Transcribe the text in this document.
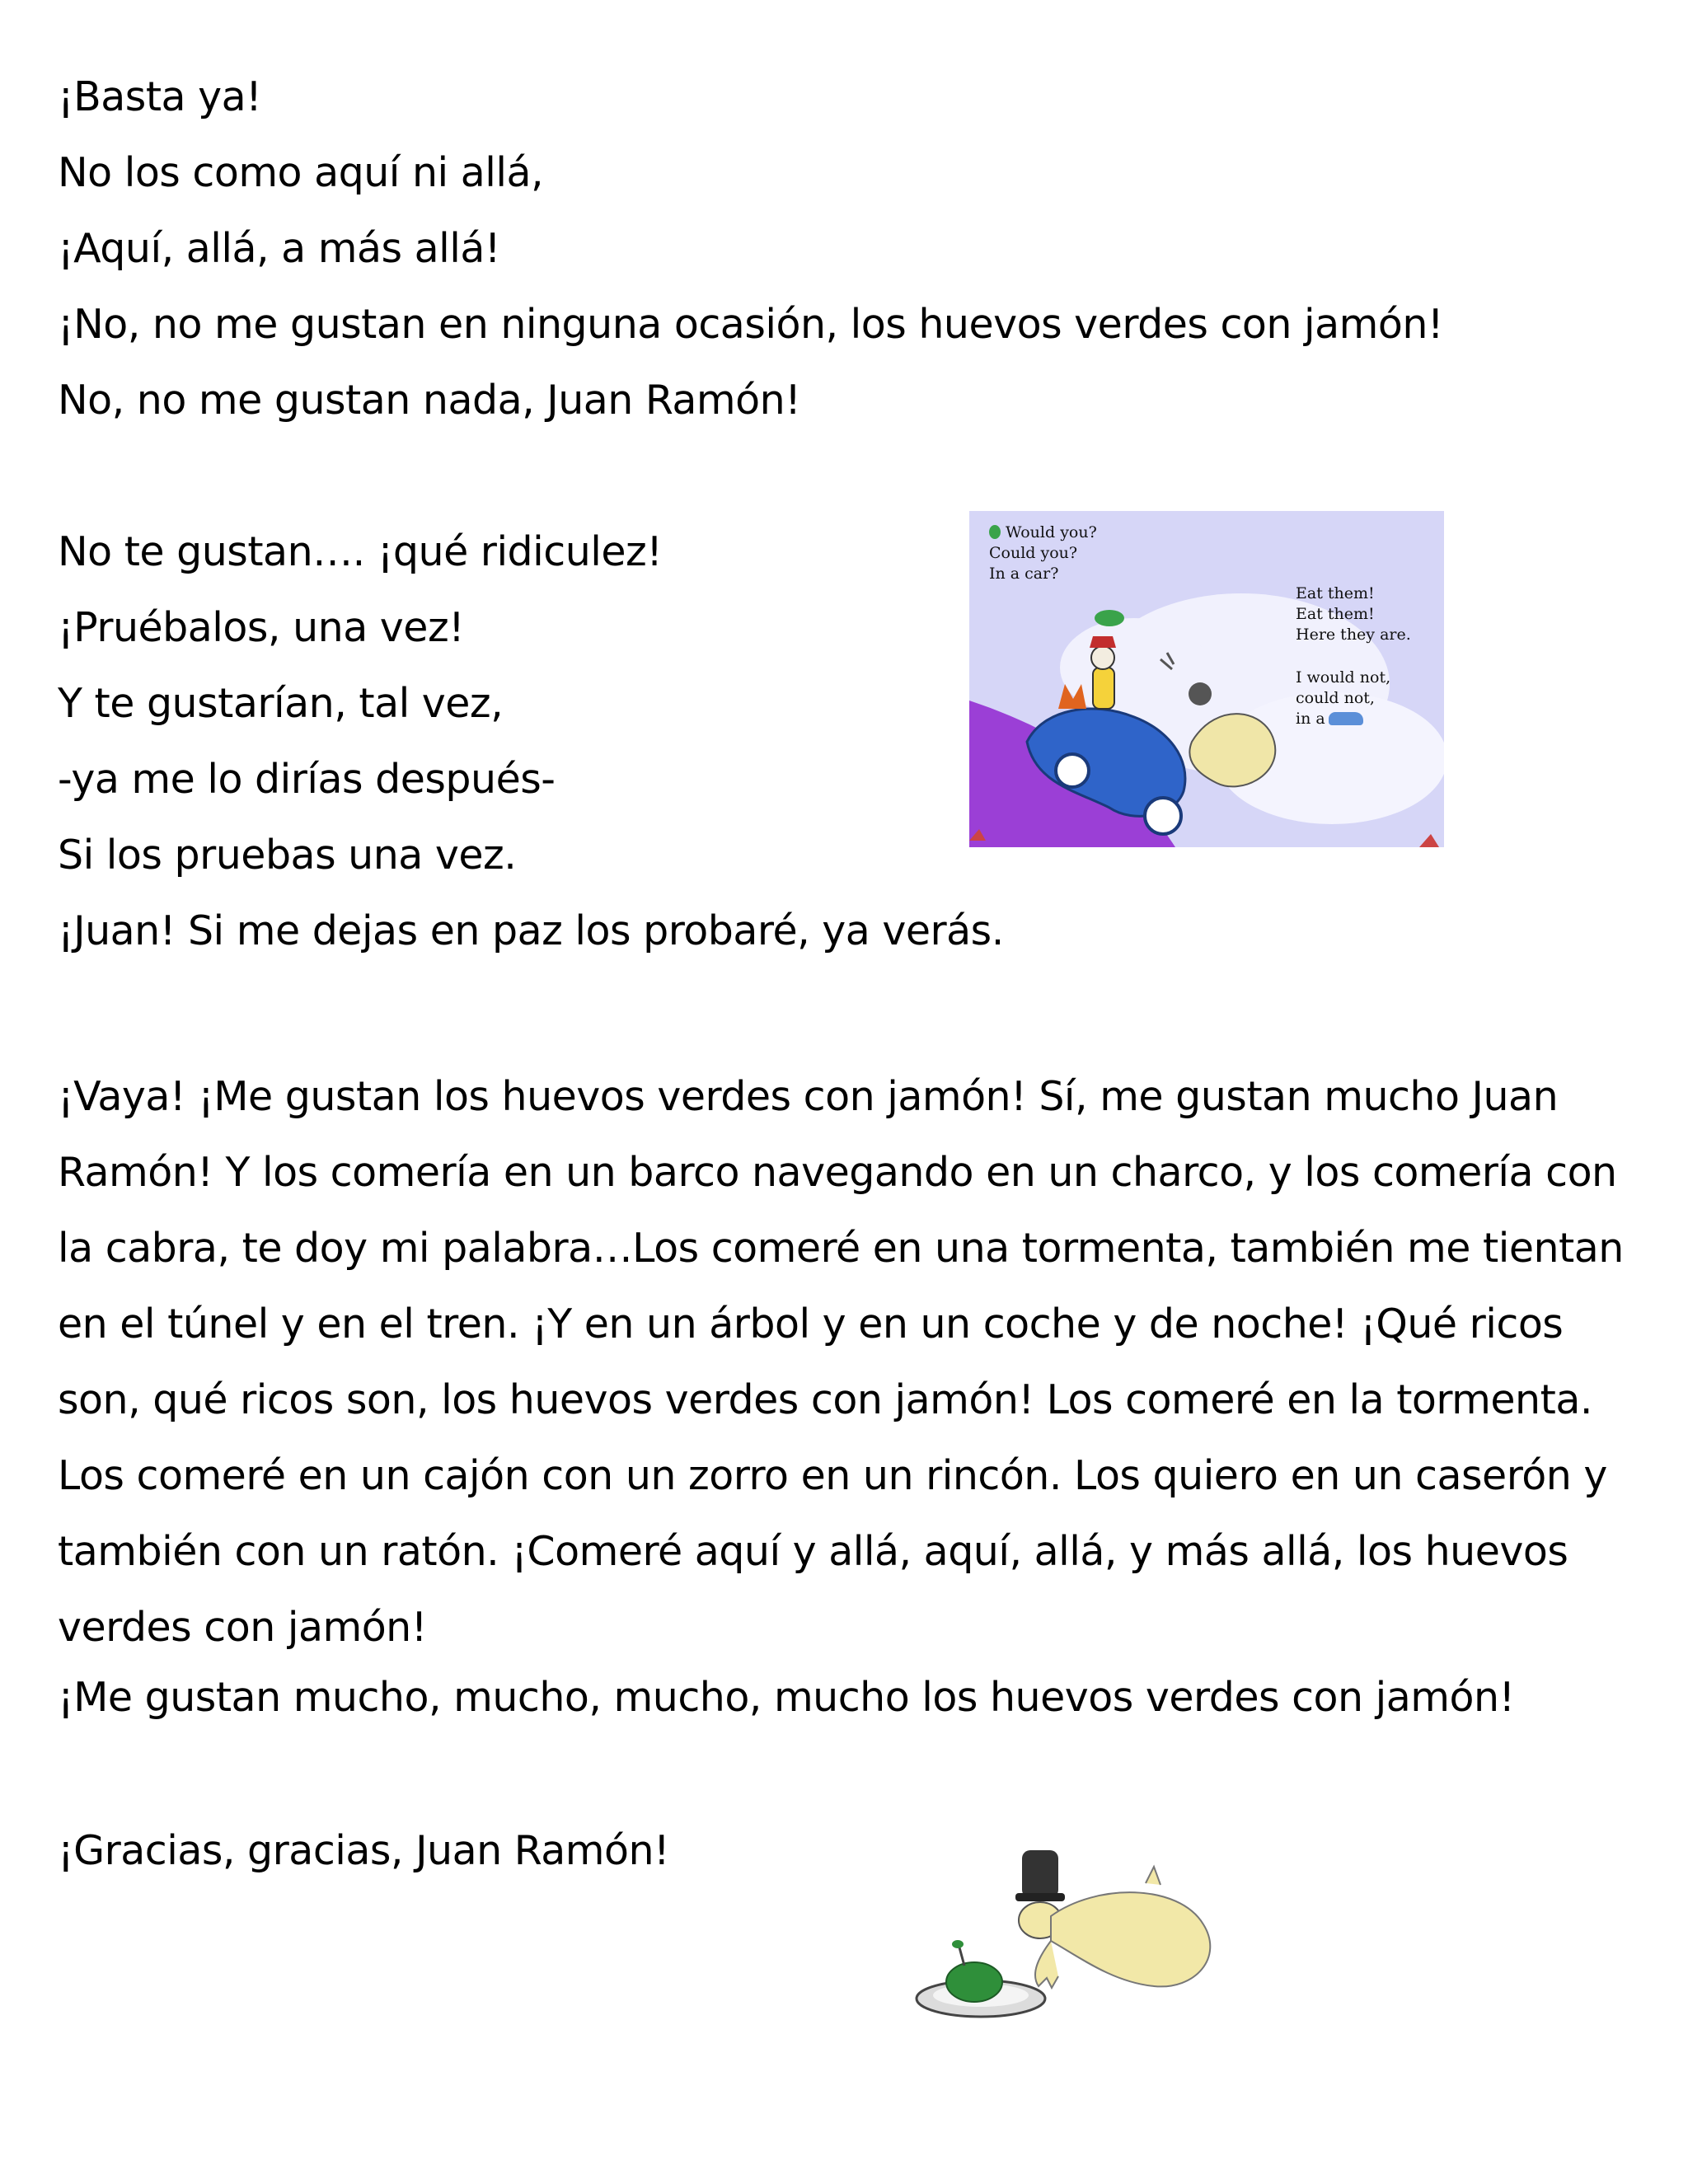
¡Basta ya!

No los como aquí ni allá,

¡Aquí, allá, a más allá!

¡No, no me gustan en ninguna ocasión, los huevos verdes con jamón!

No, no me gustan nada, Juan Ramón!

No te gustan…. ¡qué ridiculez!

¡Pruébalos, una vez!

Y te gustarían, tal vez,

-ya me lo dirías después-

Si los pruebas una vez.

¡Juan! Si me dejas en paz los probaré, ya verás.

Would you?
Could you?
In a car?
Eat them!
Eat them!
Here they are.
I would not,
could not,
in a

¡Vaya! ¡Me gustan los huevos verdes con jamón! Sí, me gustan mucho Juan Ramón! Y los comería en un barco navegando en un charco, y los comería con la cabra, te doy mi palabra…Los comeré en una tormenta, también me tientan en el túnel y en el tren. ¡Y en un árbol y en un coche y de noche! ¡Qué ricos son, qué ricos son, los huevos verdes con jamón! Los comeré en la tormenta. Los comeré en un cajón con un zorro en un rincón. Los quiero en un caserón y también con un ratón. ¡Comeré aquí y allá, aquí, allá, y más allá, los huevos verdes con jamón!

¡Me gustan mucho, mucho, mucho, mucho los huevos verdes con jamón!

¡Gracias, gracias, Juan Ramón!
